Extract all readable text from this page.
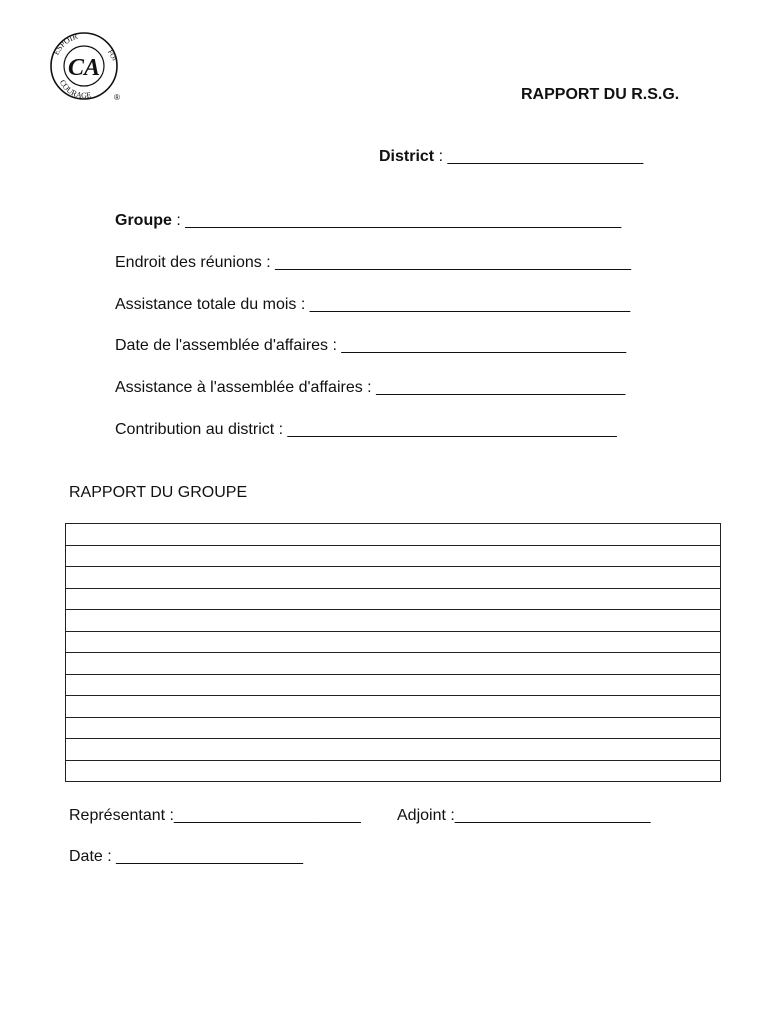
ESPOIR
FOI
COURAGE
CA
®	RAPPORT DU R.S.G.
District : ______________________
Groupe : _________________________________________________
Endroit des réunions : ________________________________________
Assistance totale du mois : ____________________________________
Date de l'assemblée d'affaires : ________________________________
Assistance à l'assemblée d'affaires : ____________________________
Contribution au district : _____________________________________
RAPPORT DU GROUPE
Représentant :_____________________ Adjoint :______________________
Date : _____________________
